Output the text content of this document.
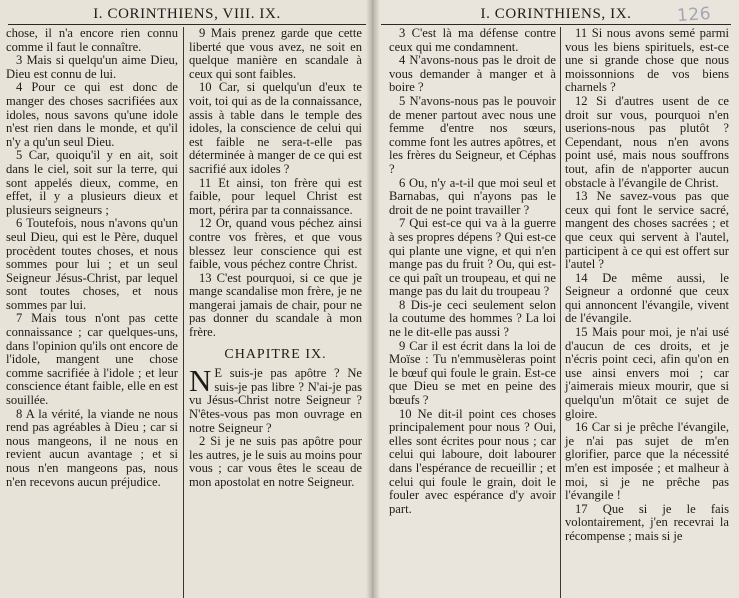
I. CORINTHIENS, VIII. IX.

chose, il n'a encore rien connu comme il faut le connaître.

3 Mais si quelqu'un aime Dieu, Dieu est connu de lui.

4 Pour ce qui est donc de manger des choses sacrifiées aux idoles, nous savons qu'une idole n'est rien dans le monde, et qu'il n'y a qu'un seul Dieu.

5 Car, quoiqu'il y en ait, soit dans le ciel, soit sur la terre, qui sont appelés dieux, comme, en effet, il y a plusieurs dieux et plusieurs seigneurs ;

6 Toutefois, nous n'avons qu'un seul Dieu, qui est le Père, duquel procèdent toutes choses, et nous sommes pour lui ; et un seul Seigneur Jésus-Christ, par lequel sont toutes choses, et nous sommes par lui.

7 Mais tous n'ont pas cette connaissance ; car quelques-uns, dans l'opinion qu'ils ont encore de l'idole, mangent une chose comme sacrifiée à l'idole ; et leur conscience étant faible, elle en est souillée.

8 A la vérité, la viande ne nous rend pas agréables à Dieu ; car si nous mangeons, il ne nous en revient aucun avantage ; et si nous n'en mangeons pas, nous n'en recevons aucun préjudice.

9 Mais prenez garde que cette liberté que vous avez, ne soit en quelque manière en scandale à ceux qui sont faibles.

10 Car, si quelqu'un d'eux te voit, toi qui as de la connaissance, assis à table dans le temple des idoles, la conscience de celui qui est faible ne sera-t-elle pas déterminée à manger de ce qui est sacrifié aux idoles ?

11 Et ainsi, ton frère qui est faible, pour lequel Christ est mort, périra par ta connaissance.

12 Or, quand vous péchez ainsi contre vos frères, et que vous blessez leur conscience qui est faible, vous péchez contre Christ.

13 C'est pourquoi, si ce que je mange scandalise mon frère, je ne mangerai jamais de chair, pour ne pas donner du scandale à mon frère.

CHAPITRE IX.

N E suis-je pas apôtre ? Ne suis-je pas libre ? N'ai-je pas vu Jésus-Christ notre Seigneur ? N'êtes-vous pas mon ouvrage en notre Seigneur ?

2 Si je ne suis pas apôtre pour les autres, je le suis au moins pour vous ; car vous êtes le sceau de mon apostolat en notre Seigneur.

I. CORINTHIENS, IX.	126

3 C'est là ma défense contre ceux qui me condamnent.

4 N'avons-nous pas le droit de vous demander à manger et à boire ?

5 N'avons-nous pas le pouvoir de mener partout avec nous une femme d'entre nos sœurs, comme font les autres apôtres, et les frères du Seigneur, et Céphas ?

6 Ou, n'y a-t-il que moi seul et Barnabas, qui n'ayons pas le droit de ne point travailler ?

7 Qui est-ce qui va à la guerre à ses propres dépens ? Qui est-ce qui plante une vigne, et qui n'en mange pas du fruit ? Ou, qui est-ce qui paît un troupeau, et qui ne mange pas du lait du troupeau ?

8 Dis-je ceci seulement selon la coutume des hommes ? La loi ne le dit-elle pas aussi ?

9 Car il est écrit dans la loi de Moïse : Tu n'emmusèleras point le bœuf qui foule le grain. Est-ce que Dieu se met en peine des bœufs ?

10 Ne dit-il point ces choses principalement pour nous ? Oui, elles sont écrites pour nous ; car celui qui laboure, doit labourer dans l'espérance de recueillir ; et celui qui foule le grain, doit le fouler avec espérance d'y avoir part.

11 Si nous avons semé parmi vous les biens spirituels, est-ce une si grande chose que nous moissonnions de vos biens charnels ?

12 Si d'autres usent de ce droit sur vous, pourquoi n'en userions-nous pas plutôt ? Cependant, nous n'en avons point usé, mais nous souffrons tout, afin de n'apporter aucun obstacle à l'évangile de Christ.

13 Ne savez-vous pas que ceux qui font le service sacré, mangent des choses sacrées ; et que ceux qui servent à l'autel, participent à ce qui est offert sur l'autel ?

14 De même aussi, le Seigneur a ordonné que ceux qui annoncent l'évangile, vivent de l'évangile.

15 Mais pour moi, je n'ai usé d'aucun de ces droits, et je n'écris point ceci, afin qu'on en use ainsi envers moi ; car j'aimerais mieux mourir, que si quelqu'un m'ôtait ce sujet de gloire.

16 Car si je prêche l'évangile, je n'ai pas sujet de m'en glorifier, parce que la nécessité m'en est imposée ; et malheur à moi, si je ne prêche pas l'évangile !

17 Que si je le fais volontairement, j'en recevrai la récompense ; mais si je
